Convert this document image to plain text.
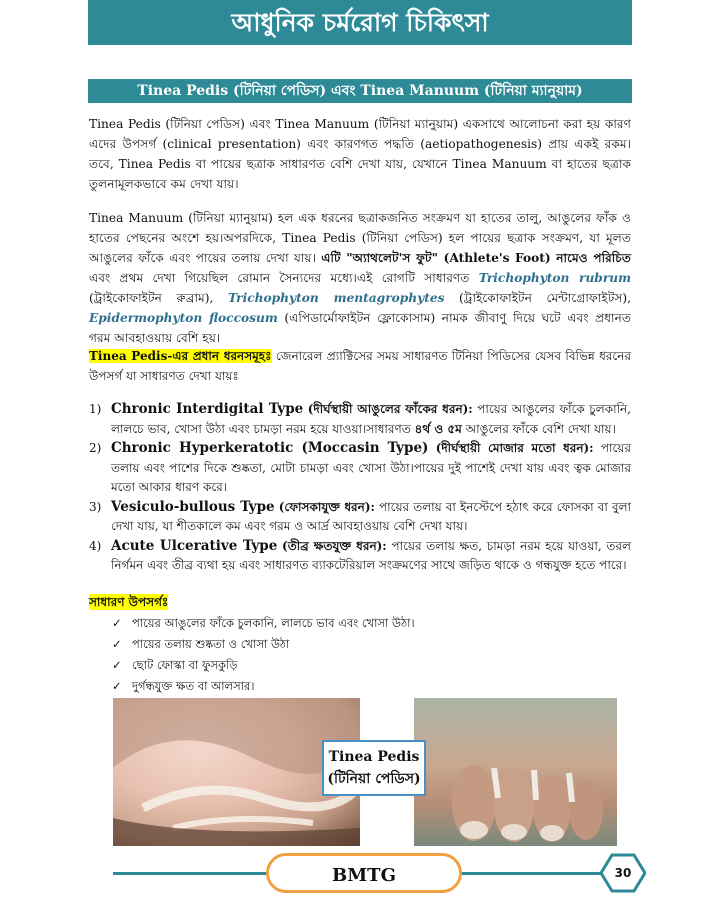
আধুনিক চর্মরোগ চিকিৎসা
Tinea Pedis (টিনিয়া পেডিস) এবং Tinea Manuum (টিনিয়া ম্যানুয়াম)

Tinea Pedis (টিনিয়া পেডিস) এবং Tinea Manuum (টিনিয়া ম্যানুয়াম) একসাথে আলোচনা করা হয় কারণ এদের উপসর্গ (clinical presentation) এবং কারণগত পদ্ধতি (aetiopathogenesis) প্রায় একই রকম। তবে, Tinea Pedis বা পায়ের ছত্রাক সাধারণত বেশি দেখা যায়, যেখানে Tinea Manuum বা হাতের ছত্রাক তুলনামূলকভাবে কম দেখা যায়।

Tinea Manuum (টিনিয়া ম্যানুয়াম) হল এক ধরনের ছত্রাকজনিত সংক্রমণ যা হাতের তালু, আঙুলের ফাঁক ও হাতের পেছনের অংশে হয়।অপরদিকে, Tinea Pedis (টিনিয়া পেডিস) হল পায়ের ছত্রাক সংক্রমণ, যা মূলত আঙুলের ফাঁকে এবং পায়ের তলায় দেখা যায়। এটি "অ্যাথলেট'স ফুট" (Athlete's Foot) নামেও পরিচিত এবং প্রথম দেখা গিয়েছিল রোমান সৈন্যদের মধ্যে।এই রোগটি সাধারণত Trichophyton rubrum (ট্রাইকোফাইটন রুব্রাম), Trichophyton mentagrophytes (ট্রাইকোফাইটন মেন্টাগ্রোফাইটস), Epidermophyton floccosum (এপিডার্মোফাইটন ফ্লোকোসাম) নামক জীবাণু দিয়ে ঘটে এবং প্রধানত গরম আবহাওয়ায় বেশি হয়।

Tinea Pedis-এর প্রধান ধরনসমূহঃ জেনারেল প্র্যাক্টিসের সময় সাধারণত টিনিয়া পিডিসের যেসব বিভিন্ন ধরনের উপসর্গ যা সাধারণত দেখা যায়ঃ

1) Chronic Interdigital Type (দীর্ঘস্থায়ী আঙুলের ফাঁকের ধরন): পায়ের আঙুলের ফাঁকে চুলকানি, লালচে ভাব, খোসা উঠা এবং চামড়া নরম হয়ে যাওয়া।সাধারণত ৪র্থ ও ৫ম আঙুলের ফাঁকে বেশি দেখা যায়।
2) Chronic Hyperkeratotic (Moccasin Type) (দীর্ঘস্থায়ী মোজার মতো ধরন): পায়ের তলায় এবং পাশের দিকে শুষ্কতা, মোটা চামড়া এবং খোসা উঠা।পায়ের দুই পাশেই দেখা যায় এবং ত্বক মোজার মতো আকার ধারণ করে।
3) Vesiculo-bullous Type (ফোসকাযুক্ত ধরন): পায়ের তলায় বা ইনস্টেপে হঠাৎ করে ফোসকা বা বুলা দেখা যায়, যা শীতকালে কম এবং গরম ও আর্দ্র আবহাওয়ায় বেশি দেখা যায়।
4) Acute Ulcerative Type (তীব্র ক্ষতযুক্ত ধরন): পায়ের তলায় ক্ষত, চামড়া নরম হয়ে যাওয়া, তরল নির্গমন এবং তীব্র ব্যথা হয় এবং সাধারণত ব্যাকটেরিয়াল সংক্রমণের সাথে জড়িত থাকে ও গন্ধযুক্ত হতে পারে।
সাধারণ উপসর্গঃ
✓ পায়ের আঙুলের ফাঁকে চুলকানি, লালচে ভাব এবং খোসা উঠা।
✓ পায়ের তলায় শুষ্কতা ও খোসা উঠা
✓ ছোট ফোস্কা বা ফুসকুড়ি
✓ দুর্গন্ধযুক্ত ক্ষত বা আলসার।
Tinea Pedis
(টিনিয়া পেডিস)
BMTG	30
